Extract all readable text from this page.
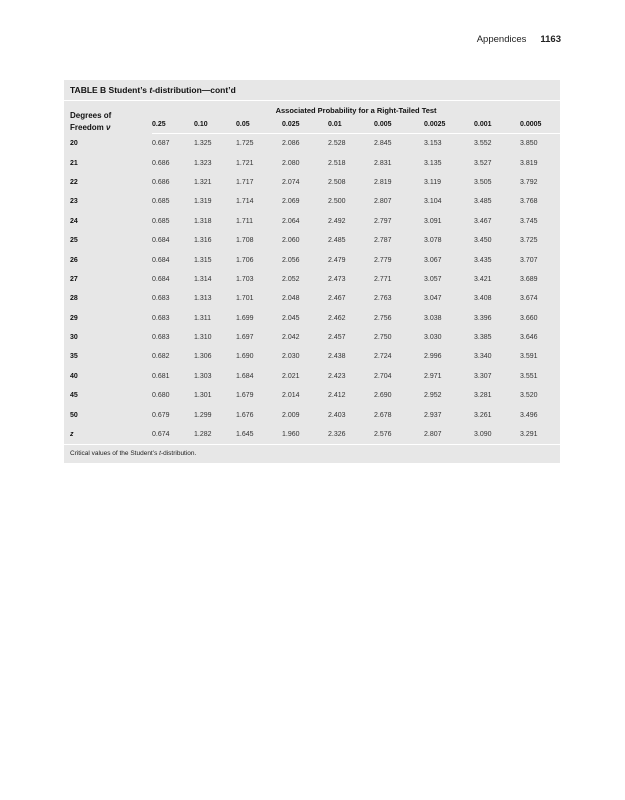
Appendices 1163
TABLE B Student’s t-distribution—cont’d
Degrees of
Freedom ν	Associated Probability for a Right-Tailed Test								
	0.25	0.10	0.05	0.025	0.01	0.005	0.0025	0.001	0.0005
20	0.687	1.325	1.725	2.086	2.528	2.845	3.153	3.552	3.850
21	0.686	1.323	1.721	2.080	2.518	2.831	3.135	3.527	3.819
22	0.686	1.321	1.717	2.074	2.508	2.819	3.119	3.505	3.792
23	0.685	1.319	1.714	2.069	2.500	2.807	3.104	3.485	3.768
24	0.685	1.318	1.711	2.064	2.492	2.797	3.091	3.467	3.745
25	0.684	1.316	1.708	2.060	2.485	2.787	3.078	3.450	3.725
26	0.684	1.315	1.706	2.056	2.479	2.779	3.067	3.435	3.707
27	0.684	1.314	1.703	2.052	2.473	2.771	3.057	3.421	3.689
28	0.683	1.313	1.701	2.048	2.467	2.763	3.047	3.408	3.674
29	0.683	1.311	1.699	2.045	2.462	2.756	3.038	3.396	3.660
30	0.683	1.310	1.697	2.042	2.457	2.750	3.030	3.385	3.646
35	0.682	1.306	1.690	2.030	2.438	2.724	2.996	3.340	3.591
40	0.681	1.303	1.684	2.021	2.423	2.704	2.971	3.307	3.551
45	0.680	1.301	1.679	2.014	2.412	2.690	2.952	3.281	3.520
50	0.679	1.299	1.676	2.009	2.403	2.678	2.937	3.261	3.496
z	0.674	1.282	1.645	1.960	2.326	2.576	2.807	3.090	3.291
Critical values of the Student’s t-distribution.
